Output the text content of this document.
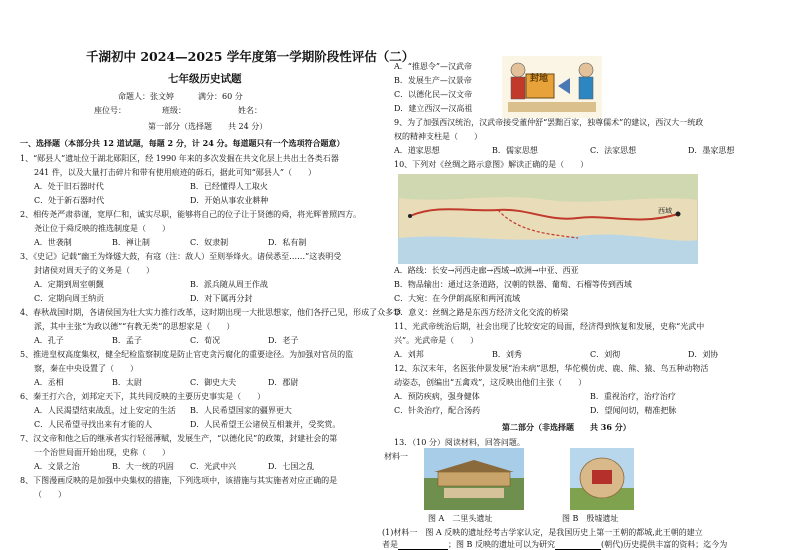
千湖初中 2024—2025 学年度第一学期阶段性评估（二）
七年级历史试题
命题人：张文婷　　　满分：60 分
座位号：　　　　　班级：　　　　　　　姓名：
第一部分（选择题　　共 24 分）
一、选择题（本部分共 12 道试题，每题 2 分，计 24 分。每道题只有一个选项符合题意）
1、“郧县人”遗址位于湖北郧阳区，经 1990 年来的多次发掘在共文化层上共出土各类石器
241 件，以及大量打击碎片和带有使用痕迹的砾石，据此可知“郧县人”（　　）
A．处于旧石器时代	B．已经懂得人工取火
C．处于新石器时代	D．开始从事农业耕种
2、相传尧严肃恭谨，宽厚仁和，诚实尽职，能够将自己的位子让于贤德的舜，将光辉普照四方。
尧让位于舜反映的推选制度是（　　）
A．世袭制	B．禅让制	C．奴隶制	D．私有制
3、《史记》记载“幽王为烽燧大鼓，有寇（注：敌人）至则举烽火。诸侯悉至……”这表明受
封诸侯对周天子的义务是（　　）
A．定期到周室朝觐	B．派兵随从周王作战
C．定期向周王纳贡	D．对下属再分封
4、春秋战国时期，各诸侯国为壮大实力推行改革，这时期出现一大批思想家，他们各抒己见，形成了众多学
派，其中主张“为政以德”“有教无类”的思想家是（　　）
A．孔子	B．孟子	C．荀况	D．老子
5、推进皇权高度集权，健全纪检监察制度是防止官吏贪污腐化的重要途径。为加强对官员的监
察，秦在中央设置了（　　）
A．丞相	B．太尉	C．御史大夫	D．郡尉
6、秦王打六合，刘邦定天下，其共同反映的主要历史事实是（　　）
A．人民渴望结束战乱，过上安定的生活 B．人民希望国家的疆界更大
C．人民希望寻找出来有才能的人	D．人民希望王公诸侯互相兼并，受奖赏。
7、汉文帝和他之后的继承者实行轻徭薄赋，发展生产，“以德化民”的政策，封建社会的第
一个治世局面开始出现，史称（　　）
A．文景之治	B．大一统的巩固 C．光武中兴	D．七国之乱
8、下图漫画反映的是加强中央集权的措施，下列选项中，该措施与其实施者对应正确的是
（　　）
A．“推恩令”—汉武帝
B．发展生产—汉景帝
C．以德化民—汉文帝
D．建立西汉—汉高祖
封地
9、为了加强西汉统治，汉武帝接受董仲舒“罢黜百家，独尊儒术”的建议，西汉大一统政
权的精神支柱是（　　）
A．道家思想	B．儒家思想	C．法家思想	D．墨家思想
10、下列对《丝绸之路示意图》解读正确的是（　　）
西域
A．路线：长安→河西走廊→西域→欧洲→中亚、西亚
B．物品输出：通过这条道路，汉朝的铁器、葡萄、石榴等传到西域
C．大宛：在今伊朗高原和两河流域
D．意义：丝绸之路是东西方经济文化交流的桥梁
11、光武帝统治后期，社会出现了比较安定的局面，经济得到恢复和发展，史称“光武中
兴”。光武帝是（　　）
A．刘邦	B．刘秀	C．刘彻	D．刘协
12、东汉末年，名医张仲景发展“治未病”思想，华佗模仿虎、鹿、熊、猿、鸟五种动物活
动姿态，创编出“五禽戏”，这反映出他们主张（　　）
A．预防疾病，强身健体	B．重视治疗，治疗治疗
C．针灸治疗，配合汤药	D．望闻问切，精准把脉
第二部分（非选择题　　共 36 分）
13．（10 分）阅读材料，回答问题。
材料一
图 A　二里头遗址	图 B　殷墟遗址
(1)材料一　图 A 反映的遗址经考古学家认定，是我国历史上第一王朝的都城,此王朝的建立
者是	；图 B 反映的遗址可以为研究	(朝代)历史提供丰富的资料；迄今为
